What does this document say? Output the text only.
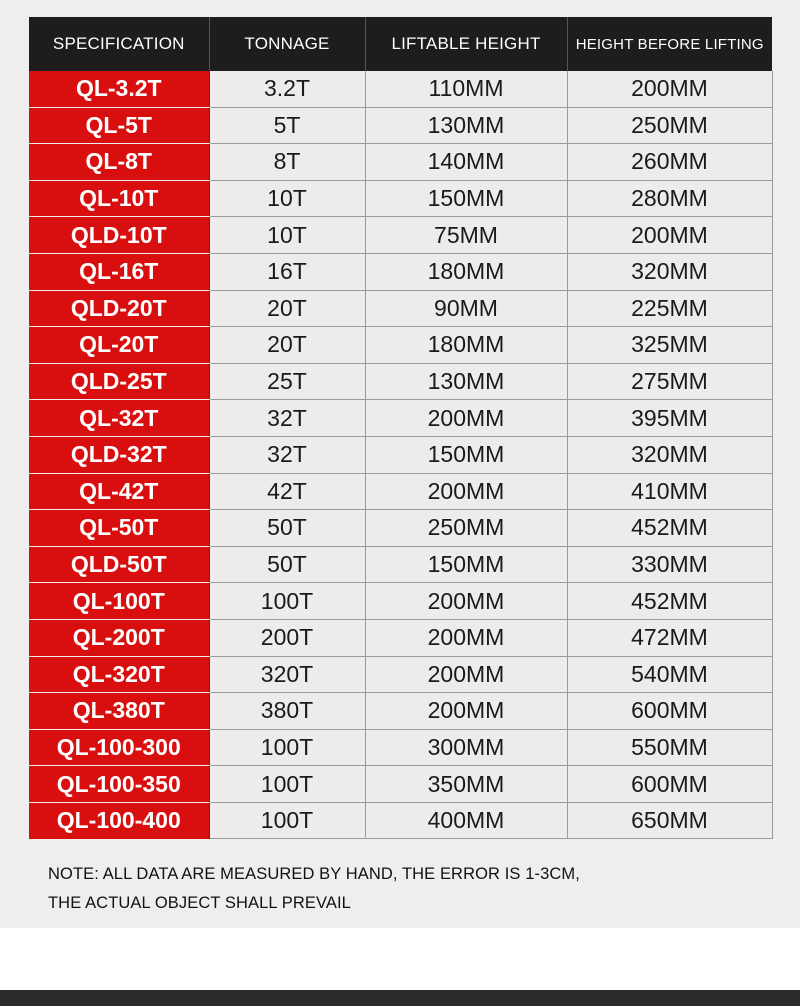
SPECIFICATION	TONNAGE	LIFTABLE HEIGHT	HEIGHT BEFORE LIFTING
QL-3.2T	3.2T	110MM	200MM
QL-5T	5T	130MM	250MM
QL-8T	8T	140MM	260MM
QL-10T	10T	150MM	280MM
QLD-10T	10T	75MM	200MM
QL-16T	16T	180MM	320MM
QLD-20T	20T	90MM	225MM
QL-20T	20T	180MM	325MM
QLD-25T	25T	130MM	275MM
QL-32T	32T	200MM	395MM
QLD-32T	32T	150MM	320MM
QL-42T	42T	200MM	410MM
QL-50T	50T	250MM	452MM
QLD-50T	50T	150MM	330MM
QL-100T	100T	200MM	452MM
QL-200T	200T	200MM	472MM
QL-320T	320T	200MM	540MM
QL-380T	380T	200MM	600MM
QL-100-300	100T	300MM	550MM
QL-100-350	100T	350MM	600MM
QL-100-400	100T	400MM	650MM
NOTE: ALL DATA ARE MEASURED BY HAND, THE ERROR IS 1-3CM,
THE ACTUAL OBJECT SHALL PREVAIL
